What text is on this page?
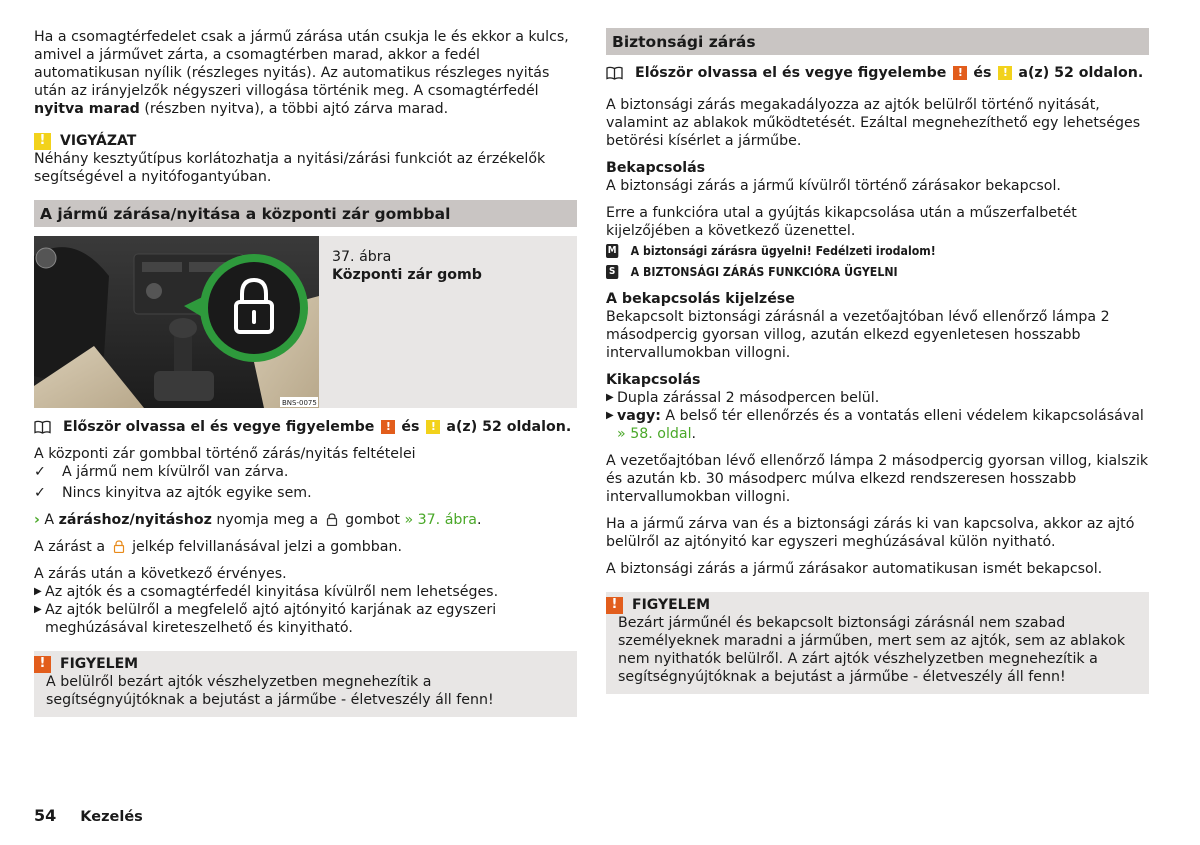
Ha a csomagtérfedelet csak a jármű zárása után csukja le és ekkor a kulcs, amivel a járművet zárta, a csomagtérben marad, akkor a fedél automatikusan nyílik (részleges nyitás). Az automatikus részleges nyitás után az irányjelzők négyszeri villogása történik meg. A csomagtérfedél nyitva marad (részben nyitva), a többi ajtó zárva marad.

!	VIGYÁZAT

Néhány kesztyűtípus korlátozhatja a nyitási/zárási funkciót az érzékelők segítségével a nyitófogantyúban.

A jármű zárása/nyitása a központi zár gombbal
BNS-0075

37. ábra

Központi zár gomb

Először olvassa el és vegye figyelembe
	! és
	! a(z) 52 oldalon.

A központi zár gombbal történő zárás/nyitás feltételei

✓	A jármű nem kívülről van zárva.
✓	Nincs kinyitva az ajtók egyike sem.

› A záráshoz/nyitáshoz nyomja meg a
gombot » 37. ábra.

A zárást a
jelkép felvillanásával jelzi a gombban.

A zárás után a következő érvényes.

▶ Az ajtók és a csomagtérfedél kinyitása kívülről nem lehetséges.
▶ Az ajtók belülről a megfelelő ajtó ajtónyitó karjának az egyszeri meghúzásával kireteszelhető és kinyitható.
!	FIGYELEM

A belülről bezárt ajtók vészhelyzetben megnehezítik a segítségnyújtóknak a bejutást a járműbe - életveszély áll fenn!

Biztonsági zárás
Először olvassa el és vegye figyelembe
	! és
	! a(z) 52 oldalon.

A biztonsági zárás megakadályozza az ajtók belülről történő nyitását, valamint az ablakok működtetését. Ezáltal megnehezíthető egy lehetséges betörési kísérlet a járműbe.

Bekapcsolás

A biztonsági zárás a jármű kívülről történő zárásakor bekapcsol.

Erre a funkcióra utal a gyújtás kikapcsolása után a műszerfalbetét kijelzőjében a következő üzenettel.

M A biztonsági zárásra ügyelni! Fedélzeti irodalom!
S A BIZTONSÁGI ZÁRÁS FUNKCIÓRA ÜGYELNI

A bekapcsolás kijelzése

Bekapcsolt biztonsági zárásnál a vezetőajtóban lévő ellenőrző lámpa 2 másodpercig gyorsan villog, azután elkezd egyenletesen hosszabb intervallumokban villogni.

Kikapcsolás

▶ Dupla zárással 2 másodpercen belül.
▶ vagy: A belső tér ellenőrzés és a vontatás elleni védelem kikapcsolásával
» 58. oldal.

A vezetőajtóban lévő ellenőrző lámpa 2 másodpercig gyorsan villog, kialszik és azután kb. 30 másodperc múlva elkezd rendszeresen hosszabb intervallumokban villogni.

Ha a jármű zárva van és a biztonsági zárás ki van kapcsolva, akkor az ajtó belülről az ajtónyitó kar egyszeri meghúzásával külön nyitható.

A biztonsági zárás a jármű zárásakor automatikusan ismét bekapcsol.

!	FIGYELEM

Bezárt járműnél és bekapcsolt biztonsági zárásnál nem szabad személyeknek maradni a járműben, mert sem az ajtók, sem az ablakok nem nyithatók belülről. A zárt ajtók vészhelyzetben megnehezítik a segítségnyújtóknak a bejutást a járműbe - életveszély áll fenn!

54 Kezelés
